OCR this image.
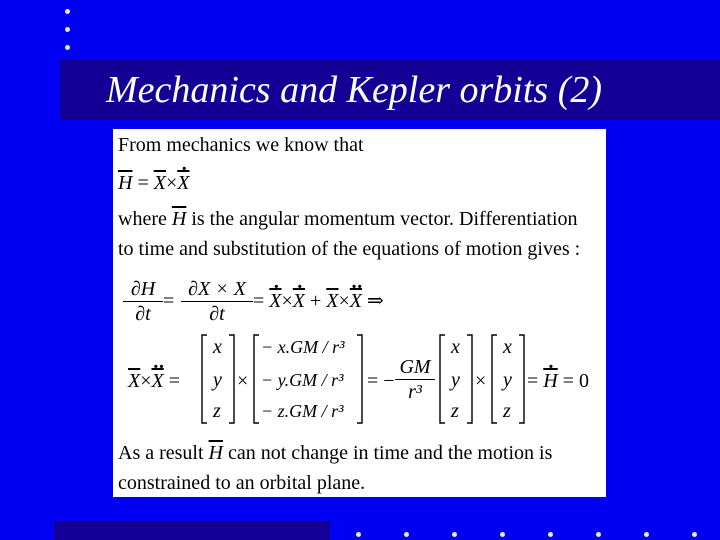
Mechanics and Kepler orbits (2)
From mechanics we know that
$\overline{H} = \overline{X}\times\cdot \overline{X}$
where $\overline{H}$ is the angular momentum vector. Differentiation
to time and substitution of the equations of motion gives :
$\frac{\partial H}{\partial t} = \frac{\partial X \times X}{\partial t}$ = · $\overline{X}\times\cdot \overline{X} + \overline{X}\times\cdot\cdot \overline{X}$ ⇒
$\overline{X}\times\cdot\cdot \overline{X}$ =
x
y
z
×
− x.GM / r³
− y.GM / r³
− z.GM / r³
= − $\frac{GM}{\text{r³}}$
x
y
z
×
x
y
z
= · $\overline{H} = 0$
As a result $\overline{H}$ can not change in time and the motion is
constrained to an orbital plane.
